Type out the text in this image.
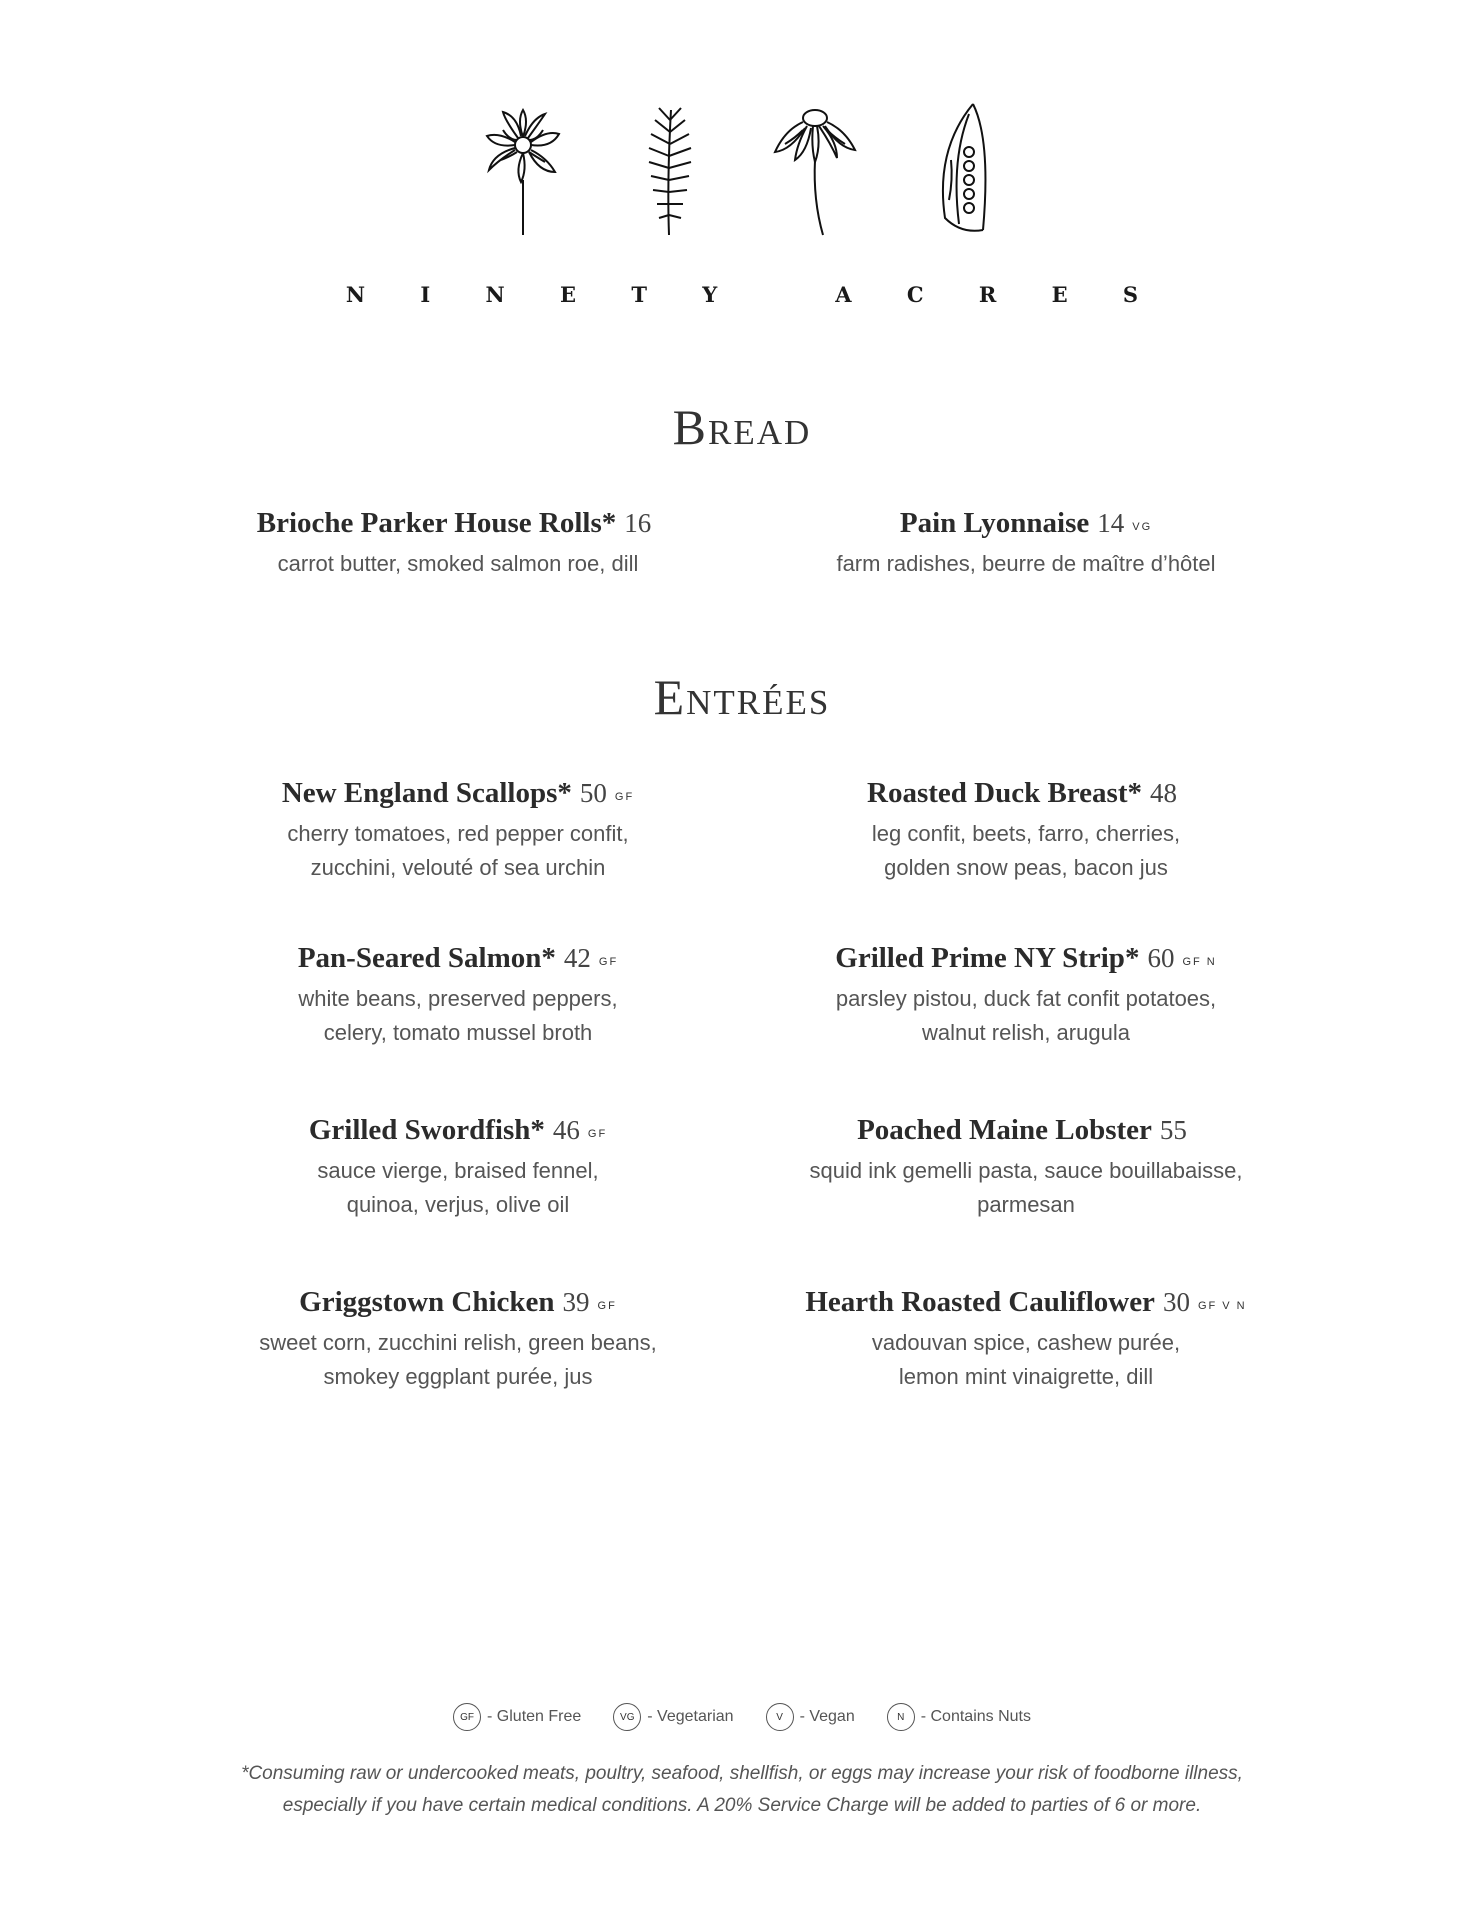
N I N E T Y   A C R E S
Bread
Brioche Parker House Rolls* 16
carrot butter, smoked salmon roe, dill
Pain Lyonnaise 14 VG
farm radishes, beurre de maître d’hôtel
Entrées
New England Scallops* 50 GF
cherry tomatoes, red pepper confit,
zucchini, velouté of sea urchin
Roasted Duck Breast* 48
leg confit, beets, farro, cherries,
golden snow peas, bacon jus
Pan-Seared Salmon* 42 GF
white beans, preserved peppers,
celery, tomato mussel broth
Grilled Prime NY Strip* 60 GF N
parsley pistou, duck fat confit potatoes,
walnut relish, arugula
Grilled Swordfish* 46 GF
sauce vierge, braised fennel,
quinoa, verjus, olive oil
Poached Maine Lobster 55
squid ink gemelli pasta, sauce bouillabaisse,
parmesan
Griggstown Chicken 39 GF
sweet corn, zucchini relish, green beans,
smokey eggplant purée, jus
Hearth Roasted Cauliflower 30 GF V N
vadouvan spice, cashew purée,
lemon mint vinaigrette, dill
GF - Gluten Free	VG - Vegetarian	V	- Vegan	N	- Contains Nuts
*Consuming raw or undercooked meats, poultry, seafood, shellfish, or eggs may increase your risk of foodborne illness,
especially if you have certain medical conditions. A 20% Service Charge will be added to parties of 6 or more.
